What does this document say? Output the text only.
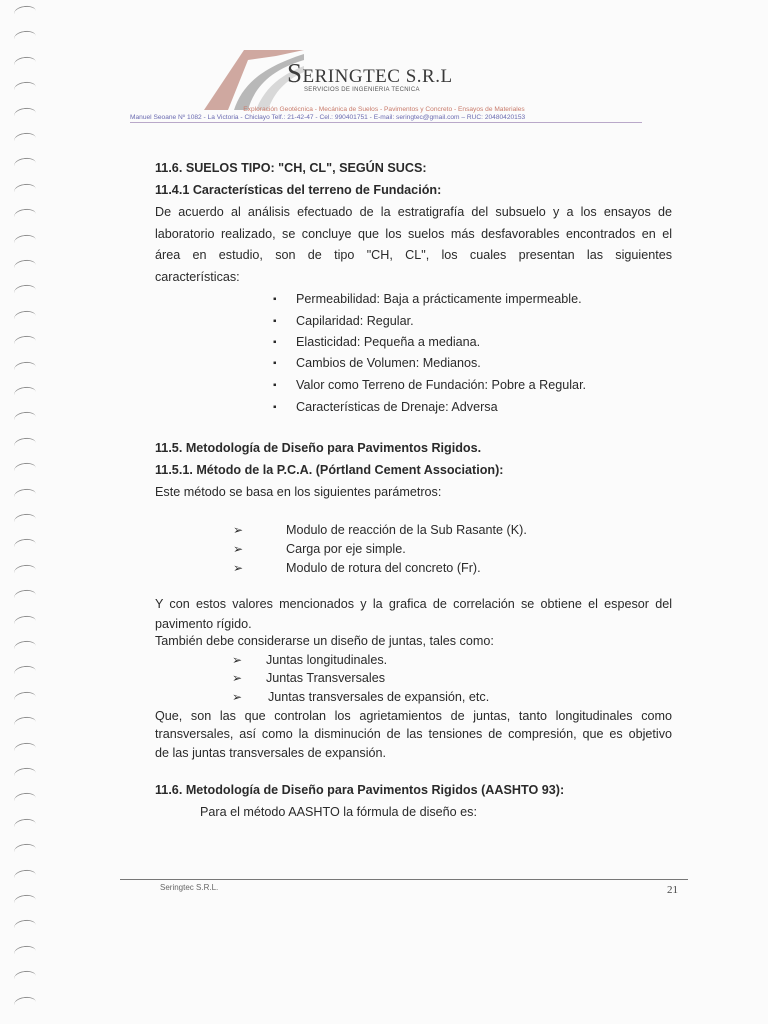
SERINGTEC S.R.L
SERVICIOS DE INGENIERIA TECNICA
Exploración Geotécnica - Mecánica de Suelos - Pavimentos y Concreto - Ensayos de Materiales
Manuel Seoane Nº 1082 - La Victoria - Chiclayo Telf.: 21-42-47 - Cel.: 990401751 - E-mail: seringtec@gmail.com – RUC: 20480420153
11.6. SUELOS TIPO: "CH, CL", SEGÚN SUCS:
11.4.1 Características del terreno de Fundación:
De acuerdo al análisis efectuado de la estratigrafía del subsuelo y a los ensayos de
laboratorio realizado, se concluye que los suelos más desfavorables encontrados en el
área en estudio, son de tipo "CH, CL", los cuales presentan las siguientes
características:
▪ Permeabilidad: Baja a prácticamente impermeable.
▪ Capilaridad: Regular.
▪ Elasticidad: Pequeña a mediana.
▪ Cambios de Volumen: Medianos.
▪ Valor como Terreno de Fundación: Pobre a Regular.
▪ Características de Drenaje: Adversa
11.5. Metodología de Diseño para Pavimentos Rigidos.
11.5.1. Método de la P.C.A. (Pórtland Cement Association):
Este método se basa en los siguientes parámetros:
➢	Modulo de reacción de la Sub Rasante (K).
➢	Carga por eje simple.
➢	Modulo de rotura del concreto (Fr).
Y con estos valores mencionados y la grafica de correlación se obtiene el espesor del
pavimento rígido.
También debe considerarse un diseño de juntas, tales como:
➢ Juntas longitudinales.
➢ Juntas Transversales
➢ Juntas transversales de expansión, etc.
Que, son las que controlan los agrietamientos de juntas, tanto longitudinales como
transversales, así como la disminución de las tensiones de compresión, que es objetivo
de las juntas transversales de expansión.
11.6. Metodología de Diseño para Pavimentos Rigidos (AASHTO 93):
Para el método AASHTO la fórmula de diseño es:
Seringtec S.R.L.	21
